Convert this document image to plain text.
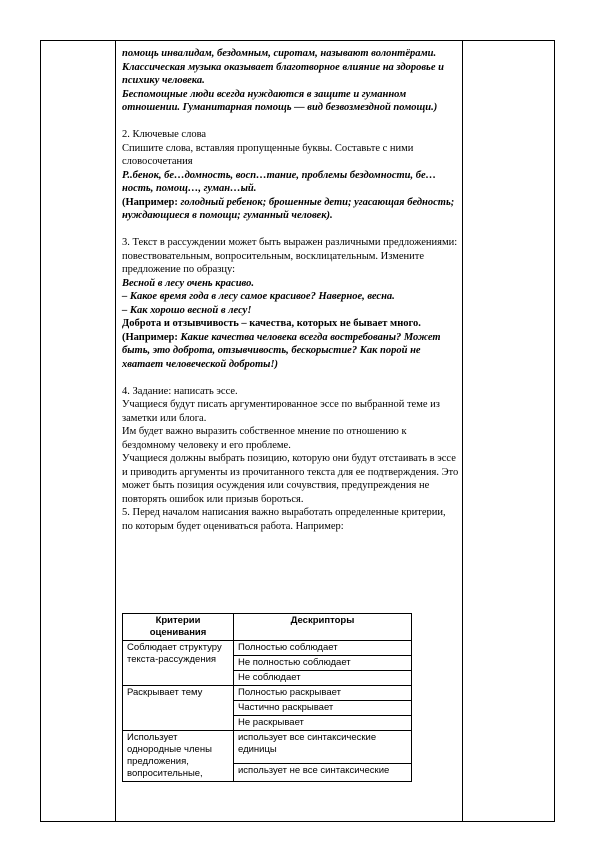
помощь инвалидам, бездомным, сиротам, называют волонтёрами. Классическая музыка оказывает благотворное влияние на здоровье и психику человека.

Беспомощные люди всегда нуждаются в защите и гуманном отношении. Гуманитарная помощь — вид безвозмездной помощи.)

2. Ключевые слова

Спишите слова, вставляя пропущенные буквы. Составьте с ними словосочетания

Р..бенок, бе…домность, восп…тание, проблемы бездомности, бе…ность, помощ…, гуман…ый.

(Например: голодный ребенок; брошенные дети; угасающая бедность; нуждающиеся в помощи; гуманный человек).

3. Текст в рассуждении может быть выражен различными предложениями: повествовательным, вопросительным, восклицательным. Измените предложение по образцу:

Весной в лесу очень красиво.

– Какое время года в лесу самое красивое? Наверное, весна.

– Как хорошо весной в лесу!

Доброта и отзывчивость – качества, которых не бывает много.

(Например: Какие качества человека всегда востребованы? Может быть, это доброта, отзывчивость, бескорыстие? Как порой не хватает человеческой доброты!)

4. Задание: написать эссе.

Учащиеся будут писать аргументированное эссе по выбранной теме из заметки или блога.

Им будет важно выразить собственное мнение по отношению к бездомному человеку и его проблеме.

Учащиеся должны выбрать позицию, которую они будут отстаивать в эссе и приводить аргументы из прочитанного текста для ее подтверждения. Это может быть позиция осуждения или сочувствия, предупреждения не повторять ошибок или призыв бороться.

5. Перед началом написания важно выработать определенные критерии, по которым будет оцениваться работа. Например:

Критерии оценивания	Дескрипторы
Соблюдает структуру текста-рассуждения	Полностью соблюдает
	Не полностью соблюдает
	Не соблюдает
Раскрывает тему	Полностью раскрывает
	Частично раскрывает
	Не раскрывает
Использует однородные члены предложения, вопросительные,	использует все синтаксические единицы
	использует не все синтаксические
